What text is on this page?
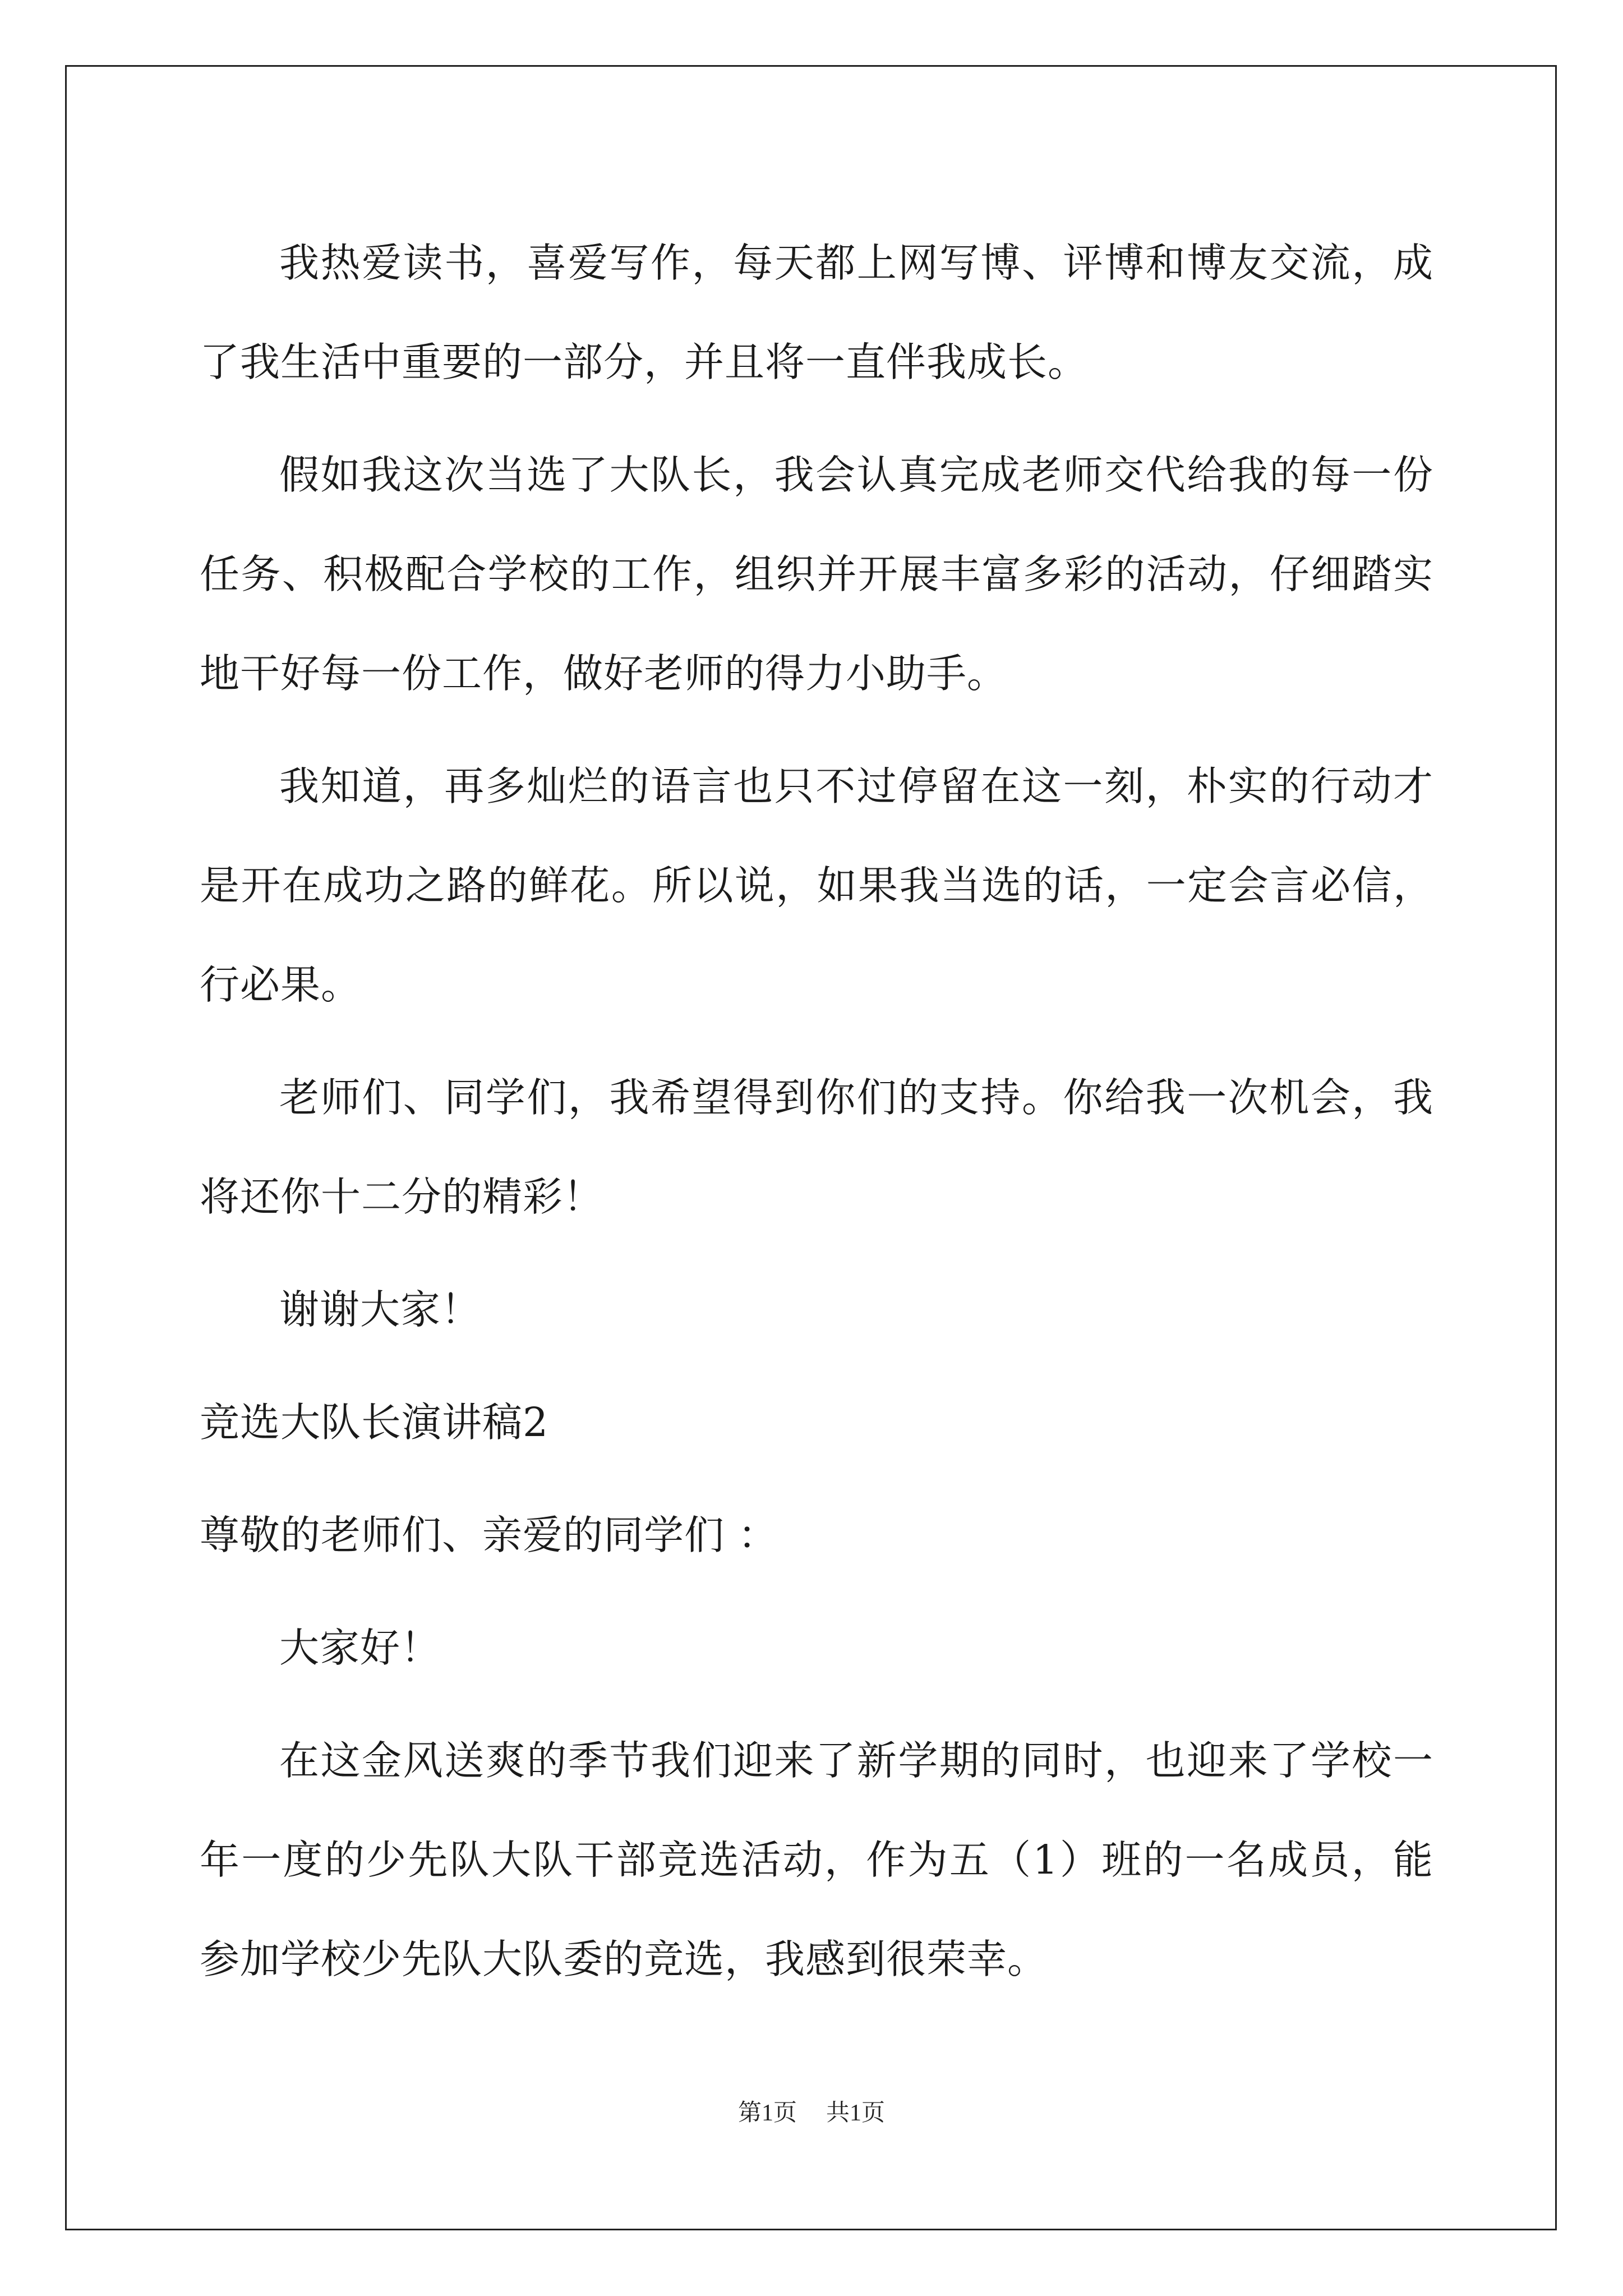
我热爱读书，喜爱写作，每天都上网写博、评博和博友交流，成了我生活中重要的一部分，并且将一直伴我成长。

假如我这次当选了大队长，我会认真完成老师交代给我的每一份任务、积极配合学校的工作，组织并开展丰富多彩的活动，仔细踏实地干好每一份工作，做好老师的得力小助手。

我知道，再多灿烂的语言也只不过停留在这一刻，朴实的行动才是开在成功之路的鲜花。所以说，如果我当选的话，一定会言必信，行必果。

老师们、同学们，我希望得到你们的支持。你给我一次机会，我将还你十二分的精彩！

谢谢大家！

竞选大队长演讲稿2

尊敬的老师们、亲爱的同学们 ：

大家好！

在这金风送爽的季节我们迎来了新学期的同时，也迎来了学校一年一度的少先队大队干部竞选活动，作为五（1）班的一名成员，能参加学校少先队大队委的竞选，我感到很荣幸。

第1页 共1页
